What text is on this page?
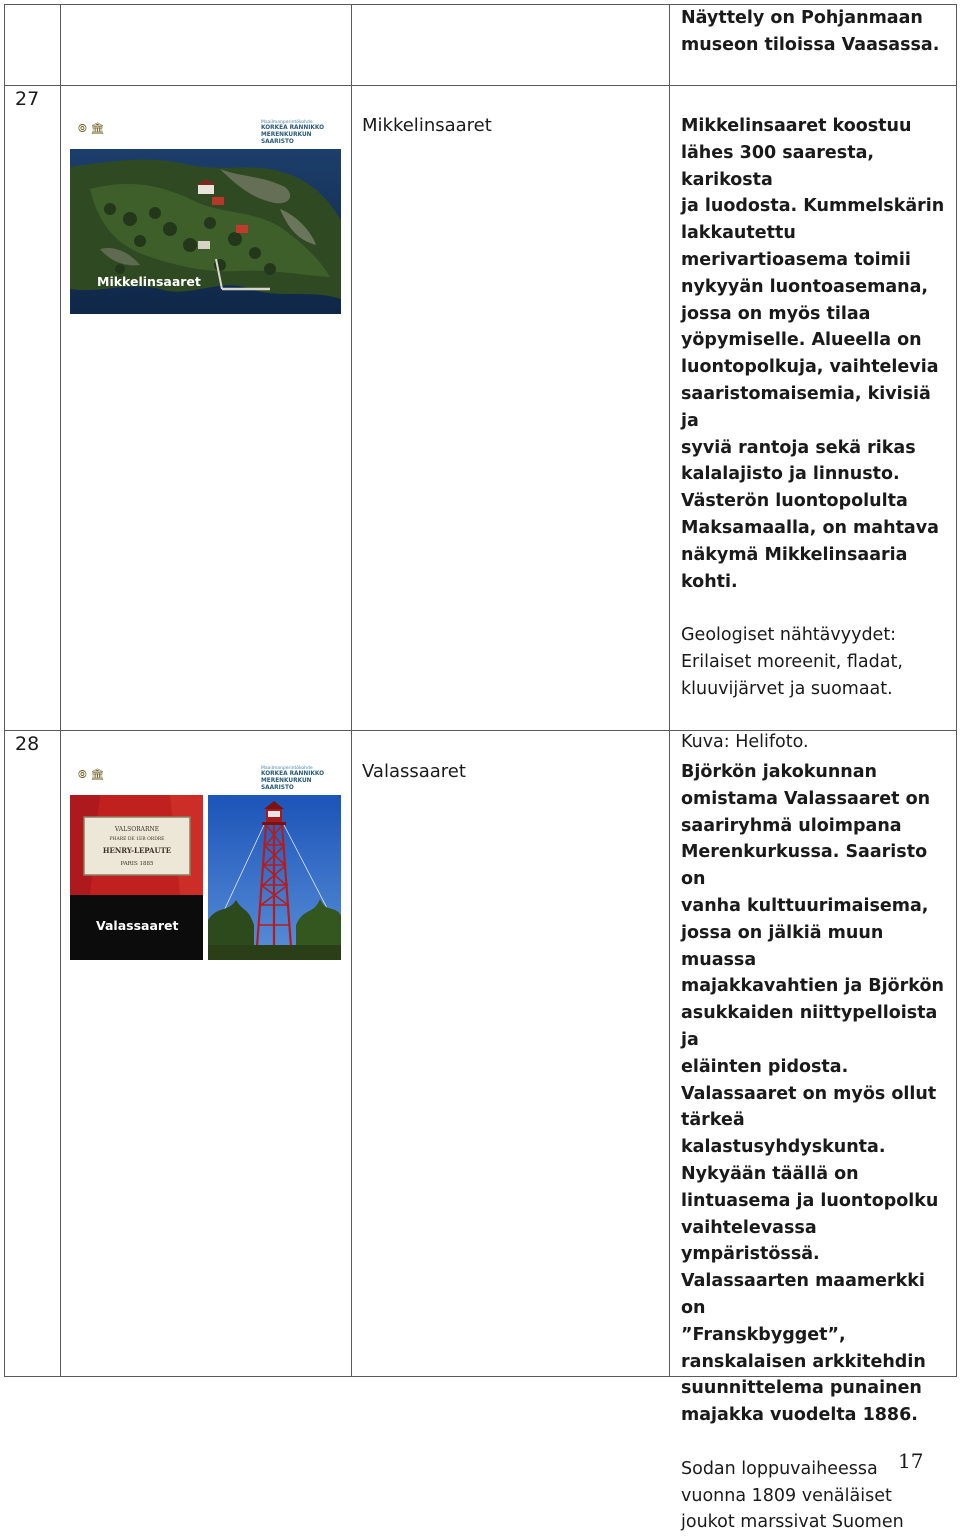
Näyttely on Pohjanmaan

museon tiloissa Vaasassa.

27
Mikkelinsaaret
⦾ 🏛	Maailmanperintökohde
KORKEA RANNIKKO
MERENKURKUN
SAARISTO
Mikkelinsaaret

Mikkelinsaaret koostuu

lähes 300 saaresta, karikosta

ja luodosta. Kummelskärin

lakkautettu

merivartioasema toimii

nykyyän luontoasemana,

jossa on myös tilaa

yöpymiselle. Alueella on

luontopolkuja, vaihtelevia

saaristomaisemia, kivisiä ja

syviä rantoja sekä rikas

kalalajisto ja linnusto.

Västerön luontopolulta

Maksamaalla, on mahtava

näkymä Mikkelinsaaria

kohti.

Geologiset nähtävyydet:

Erilaiset moreenit, fladat,

kluuvijärvet ja suomaat.

Kuva: Helifoto.

28
Valassaaret
⦾ 🏛	Maailmanperintökohde
KORKEA RANNIKKO
MERENKURKUN
SAARISTO
VALSORARNE
PHARE DE 1ER ORDRE
HENRY-LEPAUTE
PARIS 1885
Valassaaret

Björkön jakokunnan

omistama Valassaaret on

saariryhmä uloimpana

Merenkurkussa. Saaristo on

vanha kulttuurimaisema,

jossa on jälkiä muun muassa

majakkavahtien ja Björkön

asukkaiden niittypelloista ja

eläinten pidosta.

Valassaaret on myös ollut

tärkeä kalastusyhdyskunta.

Nykyään täällä on

lintuasema ja luontopolku

vaihtelevassa ympäristössä.

Valassaarten maamerkki on

”Franskbygget”,

ranskalaisen arkkitehdin

suunnittelema punainen

majakka vuodelta 1886.

Sodan loppuvaiheessa

vuonna 1809 venäläiset

joukot marssivat Suomen

17
